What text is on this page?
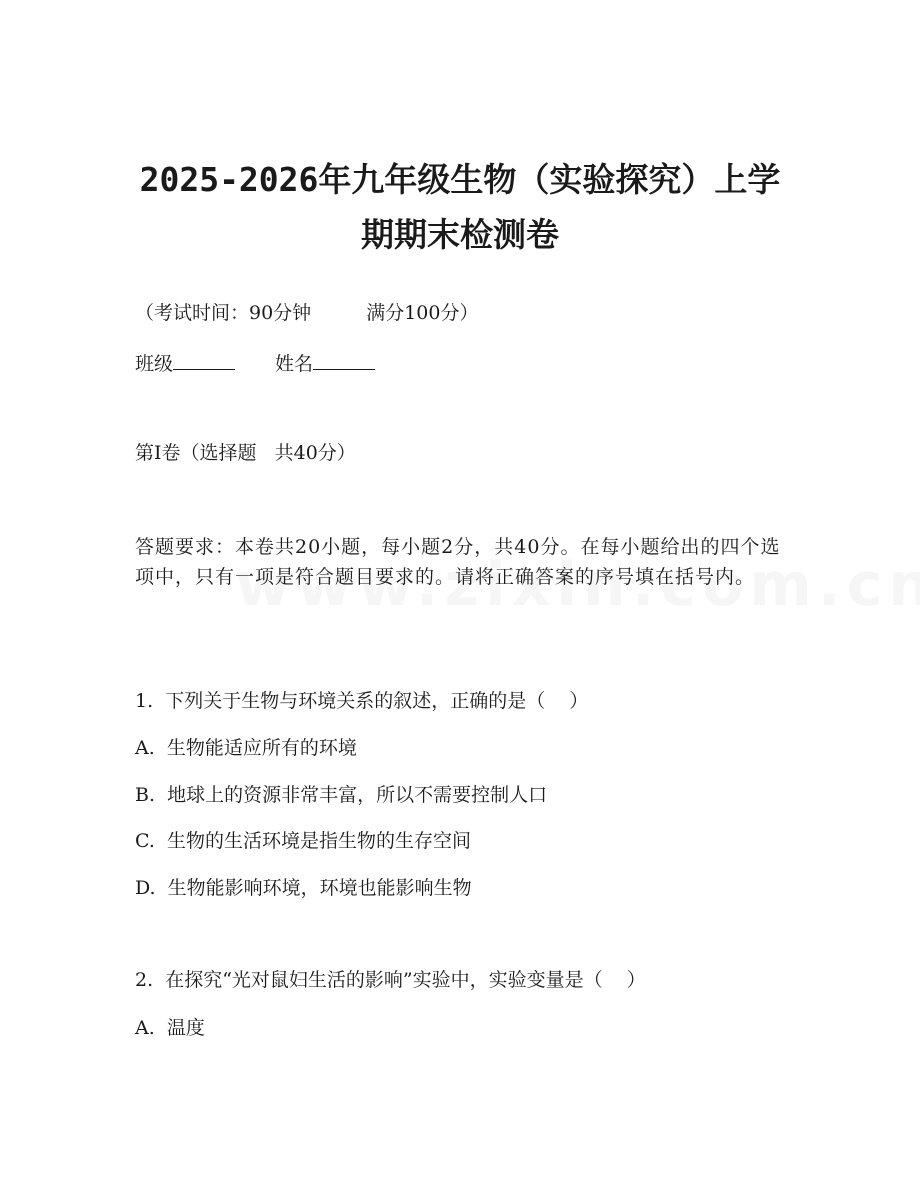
2025-2026年九年级生物（实验探究）上学
期期末检测卷

（考试时间：90分钟	满分100分）

班级	姓名

第I卷（选择题   共40分）

答题要求：本卷共20小题，每小题2分，共40分。在每小题给出的四个选项中，只有一项是符合题目要求的。请将正确答案的序号填在括号内。

1.  下列关于生物与环境关系的叙述，正确的是（    ）

A.  生物能适应所有的环境

B.  地球上的资源非常丰富，所以不需要控制人口

C.  生物的生活环境是指生物的生存空间

D.  生物能影响环境，环境也能影响生物

2.  在探究“光对鼠妇生活的影响”实验中，实验变量是（    ）

A.  温度
